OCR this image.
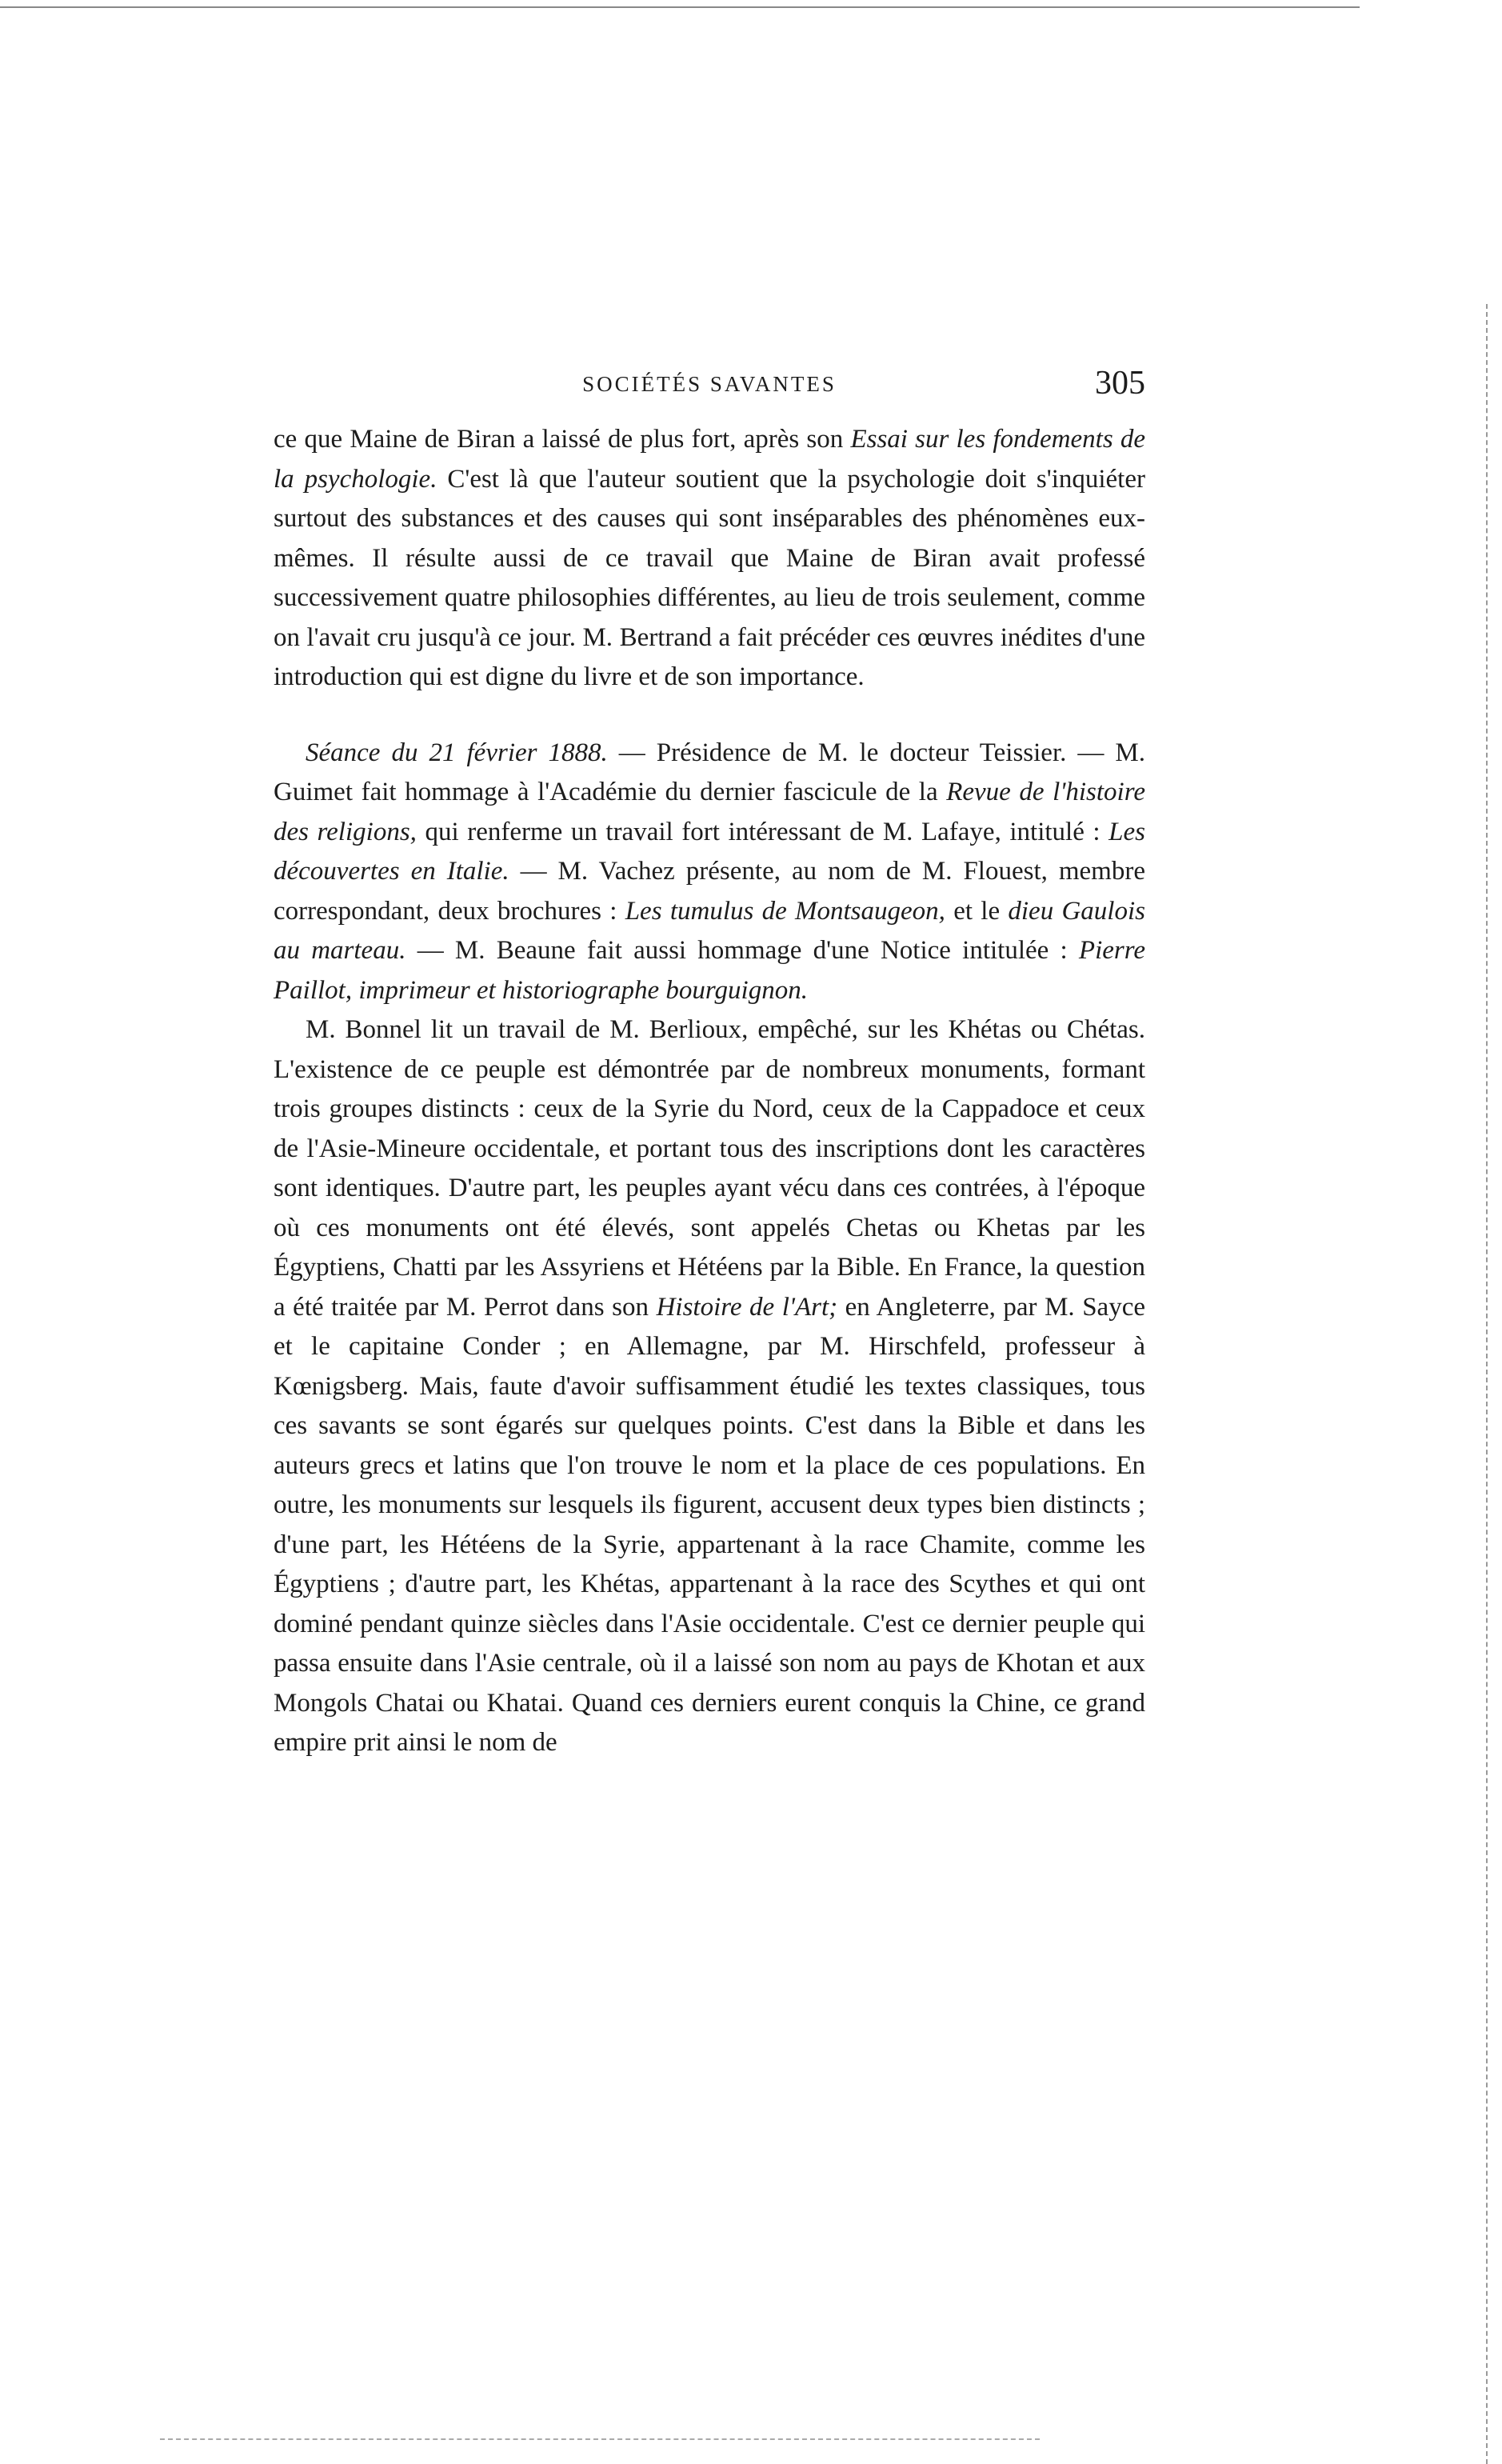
SOCIÉTÉS SAVANTES	305

ce que Maine de Biran a laissé de plus fort, après son Essai sur les fondements de la psychologie. C'est là que l'auteur soutient que la psychologie doit s'inquiéter surtout des substances et des causes qui sont inséparables des phénomènes eux-mêmes. Il résulte aussi de ce travail que Maine de Biran avait professé successivement quatre philosophies différentes, au lieu de trois seulement, comme on l'avait cru jusqu'à ce jour. M. Bertrand a fait précéder ces œuvres inédites d'une introduction qui est digne du livre et de son importance.

Séance du 21 février 1888. — Présidence de M. le docteur Teissier. — M. Guimet fait hommage à l'Académie du dernier fascicule de la Revue de l'histoire des religions, qui renferme un travail fort intéressant de M. Lafaye, intitulé : Les découvertes en Italie. — M. Vachez présente, au nom de M. Flouest, membre correspondant, deux brochures : Les tumulus de Montsaugeon, et le dieu Gaulois au marteau. — M. Beaune fait aussi hommage d'une Notice intitulée : Pierre Paillot, imprimeur et historiographe bourguignon.

M. Bonnel lit un travail de M. Berlioux, empêché, sur les Khétas ou Chétas. L'existence de ce peuple est démontrée par de nombreux monuments, formant trois groupes distincts : ceux de la Syrie du Nord, ceux de la Cappadoce et ceux de l'Asie-Mineure occidentale, et portant tous des inscriptions dont les caractères sont identiques. D'autre part, les peuples ayant vécu dans ces contrées, à l'époque où ces monuments ont été élevés, sont appelés Chetas ou Khetas par les Égyptiens, Chatti par les Assyriens et Hétéens par la Bible. En France, la question a été traitée par M. Perrot dans son Histoire de l'Art; en Angleterre, par M. Sayce et le capitaine Conder ; en Allemagne, par M. Hirschfeld, professeur à Kœnigsberg. Mais, faute d'avoir suffisamment étudié les textes classiques, tous ces savants se sont égarés sur quelques points. C'est dans la Bible et dans les auteurs grecs et latins que l'on trouve le nom et la place de ces populations. En outre, les monuments sur lesquels ils figurent, accusent deux types bien distincts ; d'une part, les Hétéens de la Syrie, appartenant à la race Chamite, comme les Égyptiens ; d'autre part, les Khétas, appartenant à la race des Scythes et qui ont dominé pendant quinze siècles dans l'Asie occidentale. C'est ce dernier peuple qui passa ensuite dans l'Asie centrale, où il a laissé son nom au pays de Khotan et aux Mongols Chatai ou Khatai. Quand ces derniers eurent conquis la Chine, ce grand empire prit ainsi le nom de
